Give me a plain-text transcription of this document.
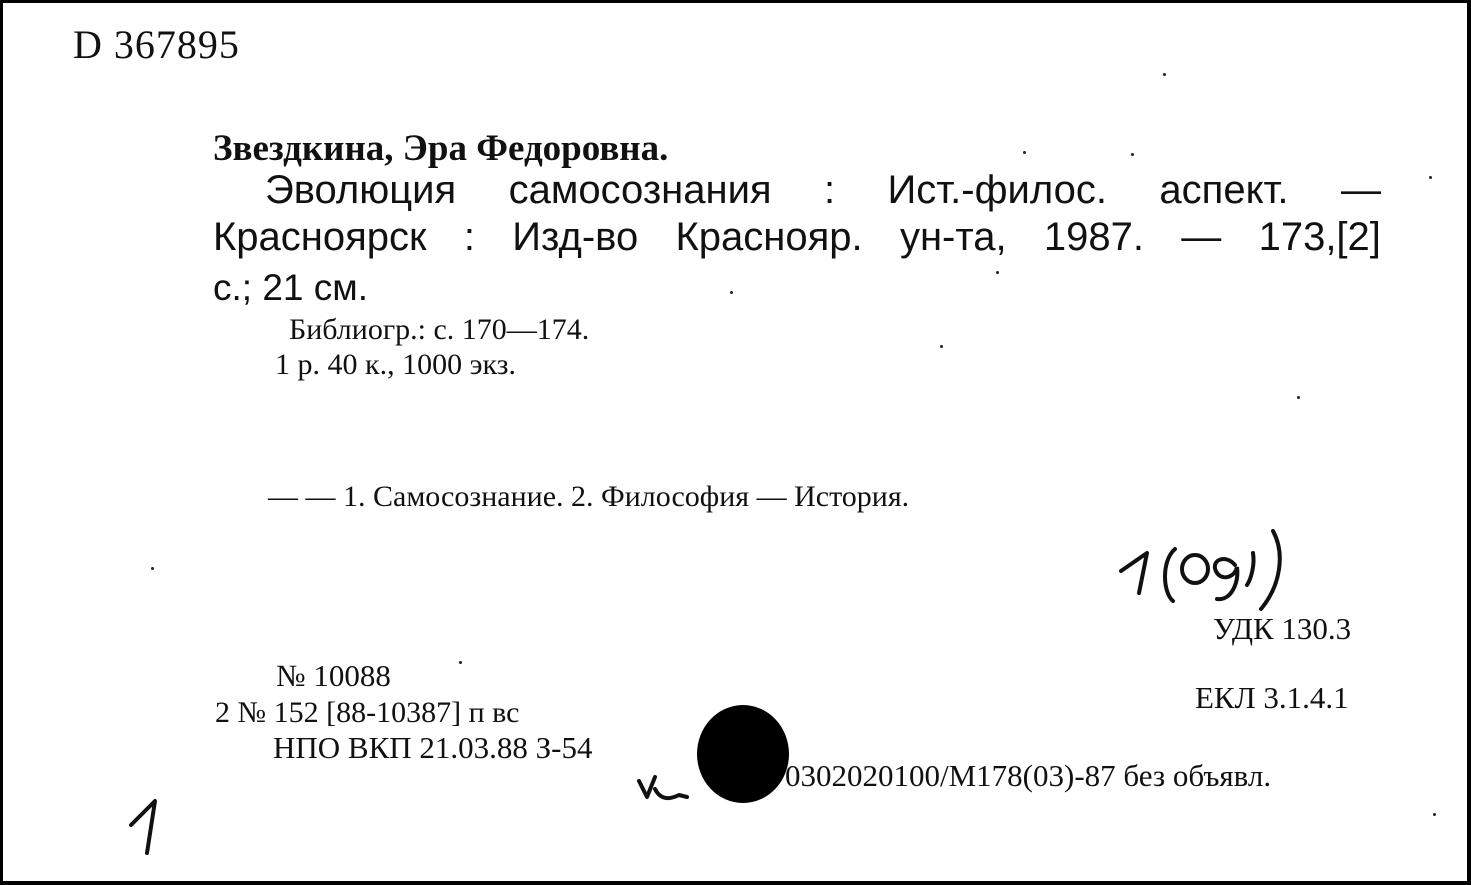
D 367895
Звездкина, Эра Федоровна.
Эволюция самосознания : Ист.-филос. аспект. —
Красноярск : Изд-во Краснояр. ун-та, 1987. — 173,[2]
с.; 21 см.
Библиогр.: с. 170—174.
1 р. 40 к., 1000 экз.
— — 1. Самосознание. 2. Философия — История.
УДК 130.3
ЕКЛ 3.1.4.1
№ 10088
2 № 152 [88-10387] п вс
НПО ВКП 21.03.88 З-54
0302020100/М178(03)-87 без объявл.
